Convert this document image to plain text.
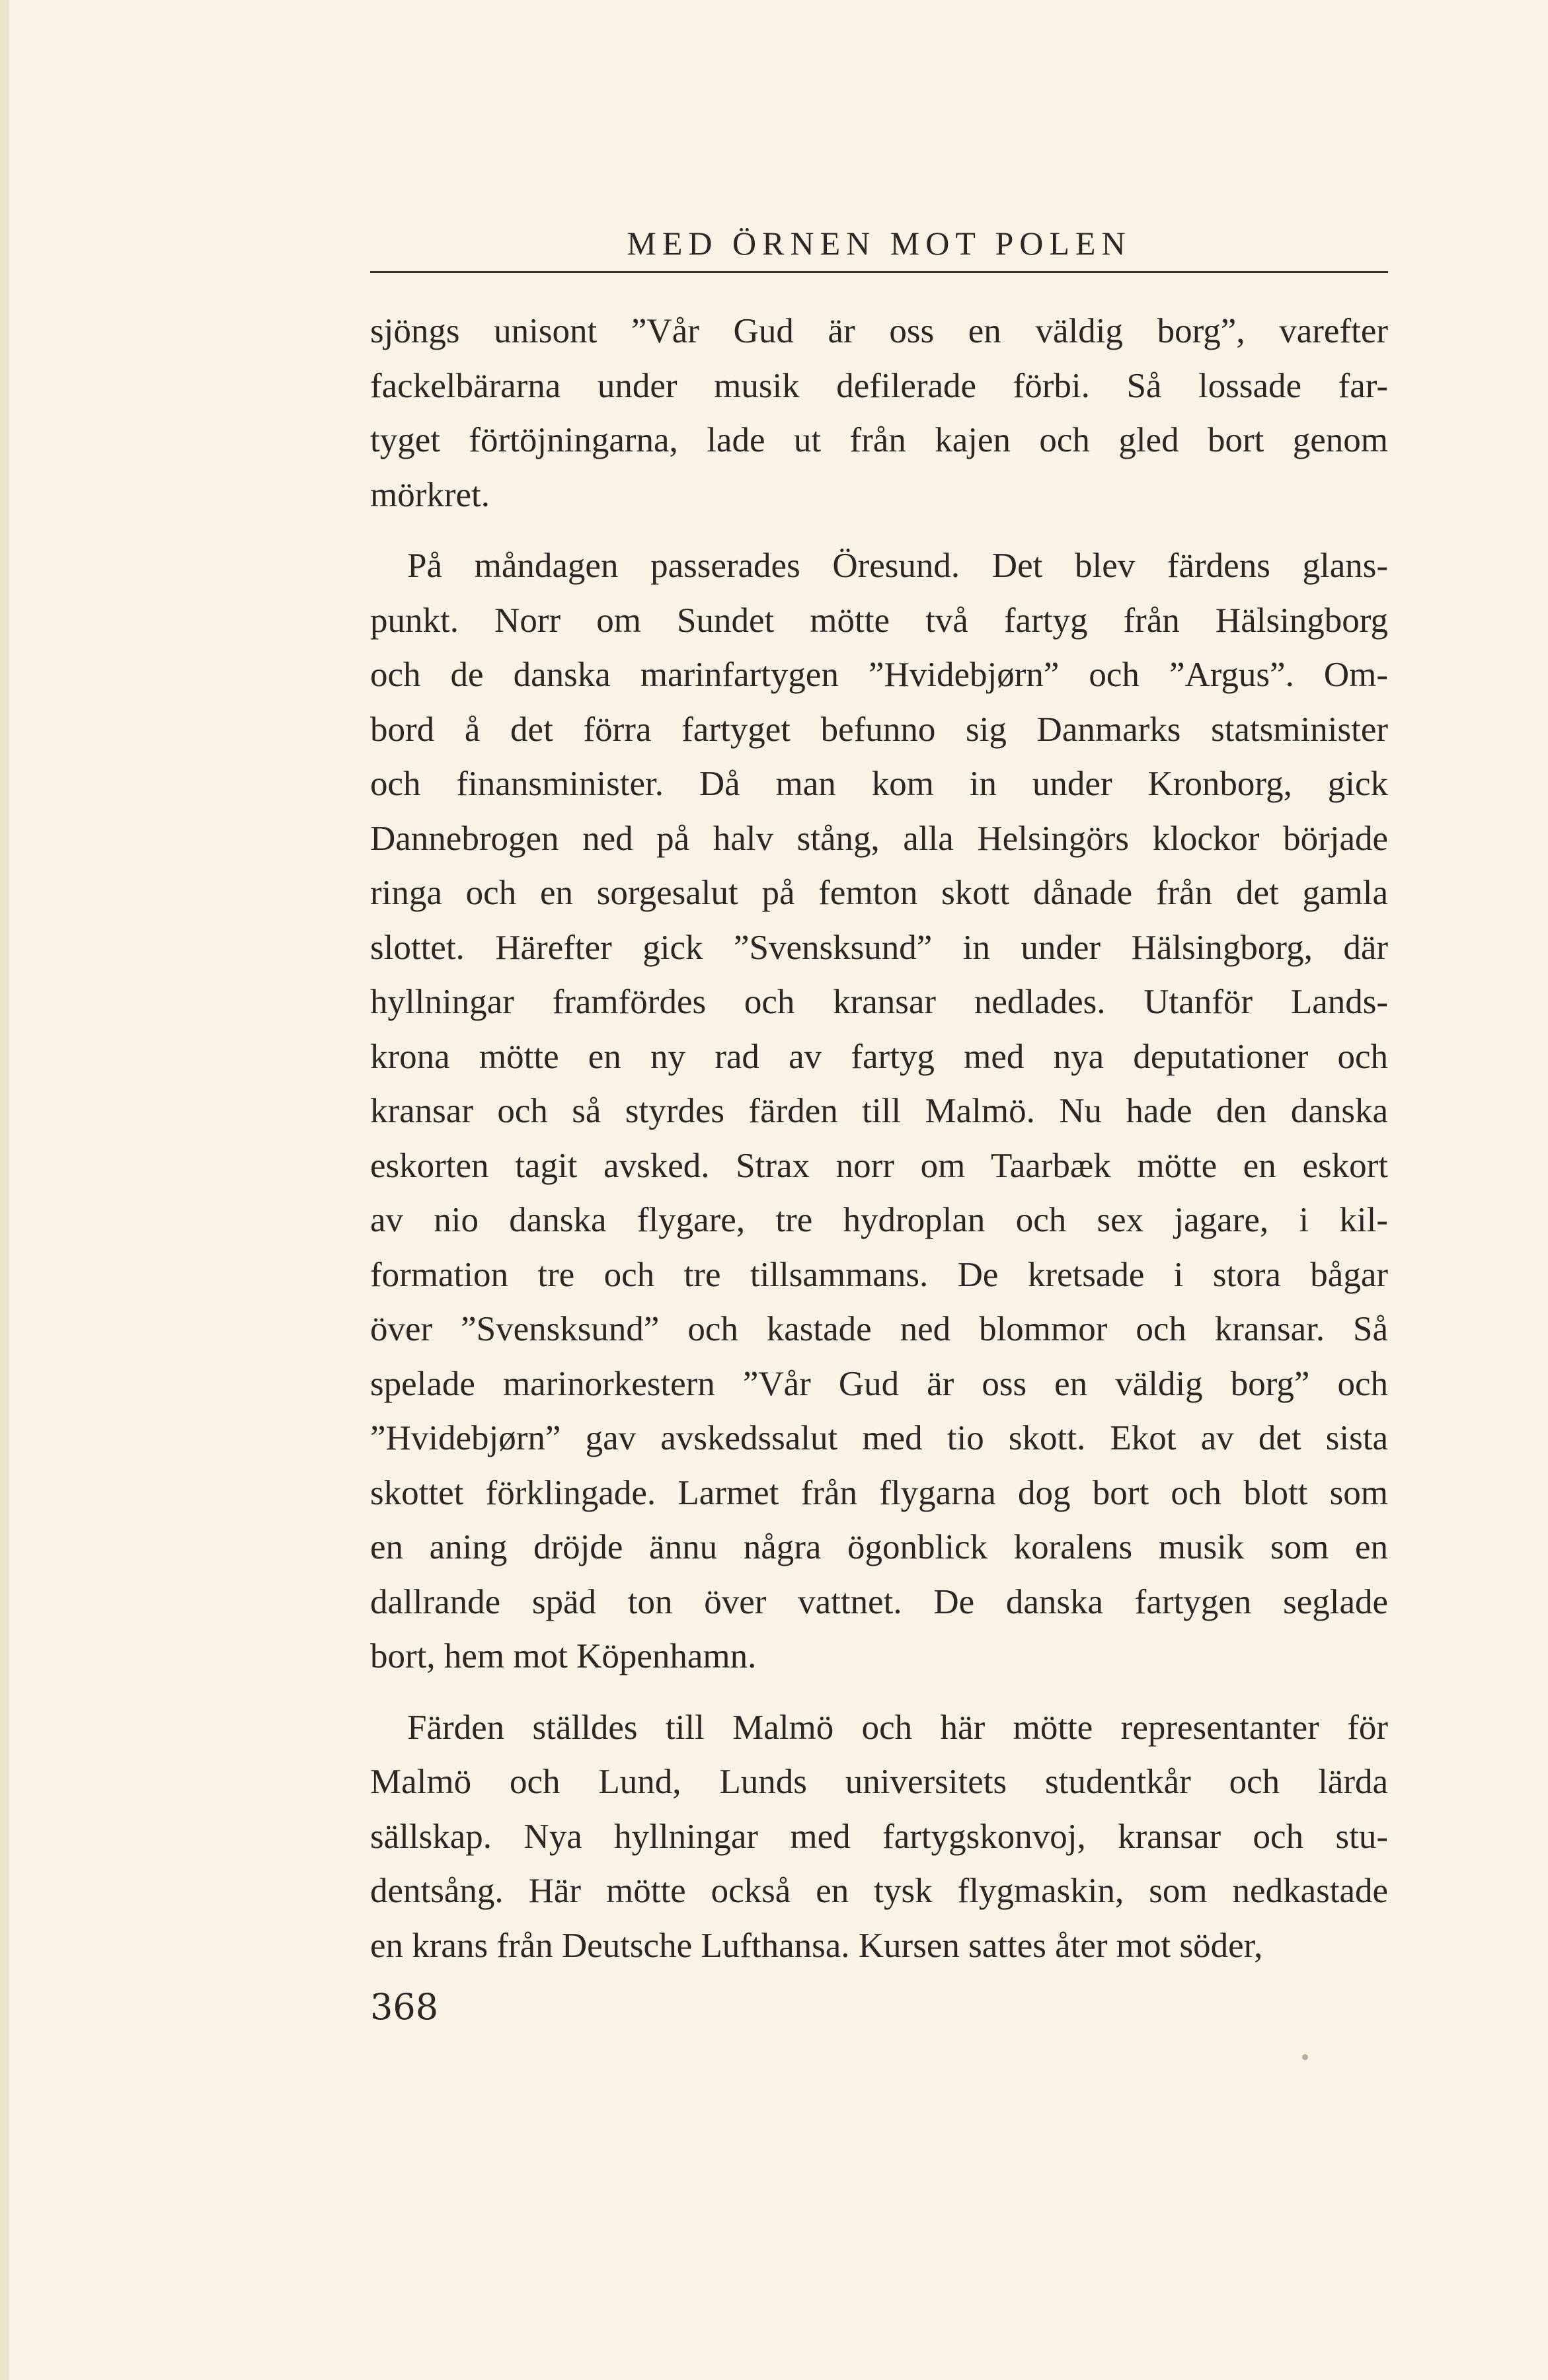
MED ÖRNEN MOT POLEN
sjöngs unisont ”Vår Gud är oss en väldig borg”, varefter
fackelbärarna under musik defilerade förbi. Så lossade far-
tyget förtöjningarna, lade ut från kajen och gled bort genom
mörkret.
På måndagen passerades Öresund. Det blev färdens glans-
punkt. Norr om Sundet mötte två fartyg från Hälsingborg
och de danska marinfartygen ”Hvidebjørn” och ”Argus”. Om-
bord å det förra fartyget befunno sig Danmarks statsminister
och finansminister. Då man kom in under Kronborg, gick
Dannebrogen ned på halv stång, alla Helsingörs klockor började
ringa och en sorgesalut på femton skott dånade från det gamla
slottet. Härefter gick ”Svensksund” in under Hälsingborg, där
hyllningar framfördes och kransar nedlades. Utanför Lands-
krona mötte en ny rad av fartyg med nya deputationer och
kransar och så styrdes färden till Malmö. Nu hade den danska
eskorten tagit avsked. Strax norr om Taarbæk mötte en eskort
av nio danska flygare, tre hydroplan och sex jagare, i kil-
formation tre och tre tillsammans. De kretsade i stora bågar
över ”Svensksund” och kastade ned blommor och kransar. Så
spelade marinorkestern ”Vår Gud är oss en väldig borg” och
”Hvidebjørn” gav avskedssalut med tio skott. Ekot av det sista
skottet förklingade. Larmet från flygarna dog bort och blott som
en aning dröjde ännu några ögonblick koralens musik som en
dallrande späd ton över vattnet. De danska fartygen seglade
bort, hem mot Köpenhamn.
Färden ställdes till Malmö och här mötte representanter för
Malmö och Lund, Lunds universitets studentkår och lärda
sällskap. Nya hyllningar med fartygskonvoj, kransar och stu-
dentsång. Här mötte också en tysk flygmaskin, som nedkastade
en krans från Deutsche Lufthansa. Kursen sattes åter mot söder,
368
